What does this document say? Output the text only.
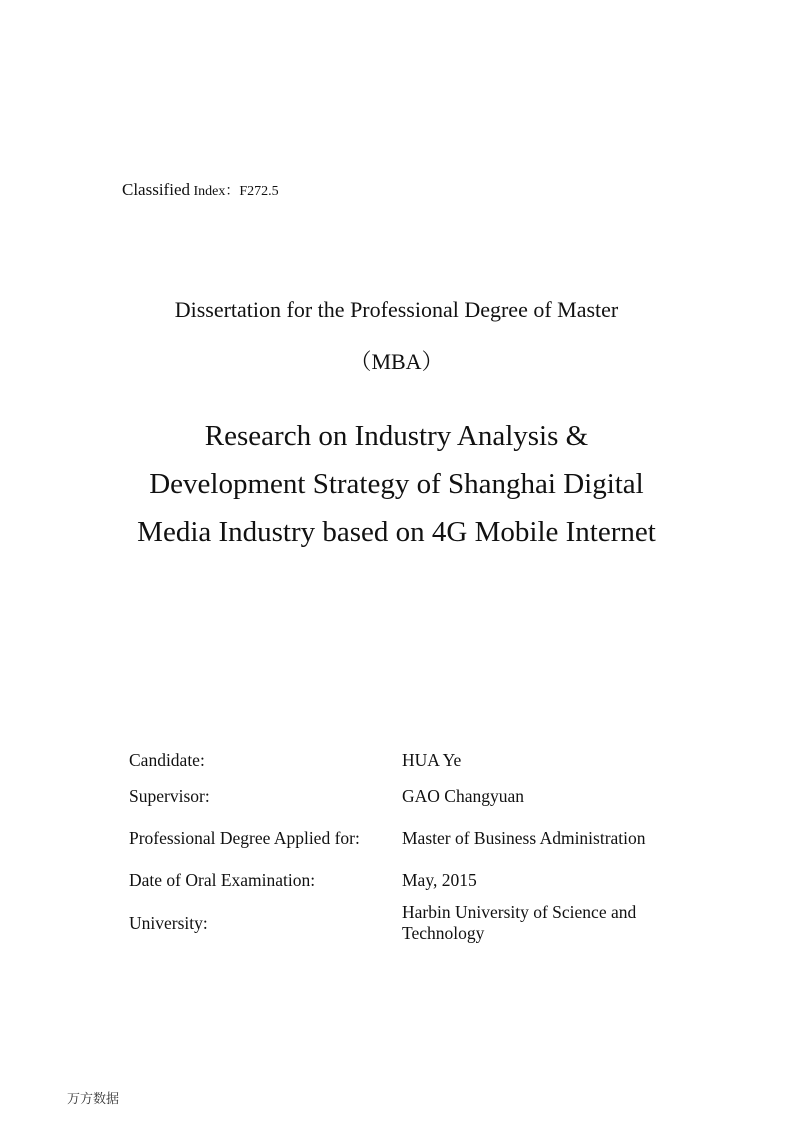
Classified Index：F272.5
Dissertation for the Professional Degree of Master
（MBA）
Research on Industry Analysis &
Development Strategy of Shanghai Digital
Media Industry based on 4G Mobile Internet
Candidate:	HUA Ye
Supervisor:	GAO Changyuan
Professional Degree Applied for:	Master of Business Administration
Date of Oral Examination:	May, 2015
University:
Harbin University of Science and
Technology
万方数据
